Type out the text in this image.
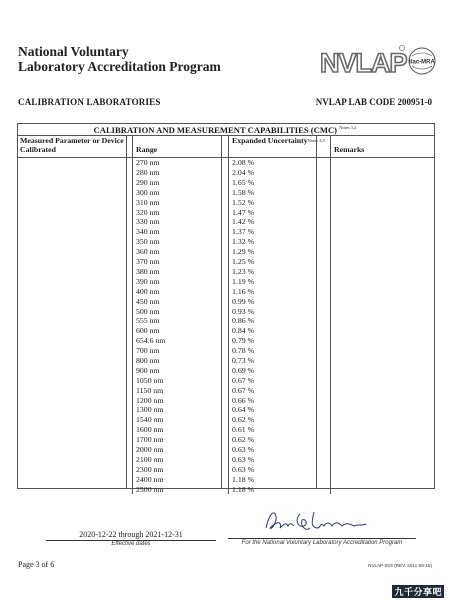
National Voluntary
Laboratory Accreditation Program	NVLAP ilac-MRA
CALIBRATION LABORATORIES	NVLAP LAB CODE 200951-0
CALIBRATION AND MEASUREMENT CAPABILITIES (CMC) $^{Notes 1,2}$
Measured Parameter or Device Calibrated	Range	Expanded Uncertainty$^{Notes 3,5}$	Remarks
	270 nm	2.08 %	
	280 nm	2.04 %	
	290 nm	1.65 %	
	300 nm	1.58 %	
	310 nm	1.52 %	
	320 nm	1.47 %	
	330 nm	1.42 %	
	340 nm	1.37 %	
	350 nm	1.32 %	
	360 nm	1.29 %	
	370 nm	1.25 %	
	380 nm	1.23 %	
	390 nm	1.19 %	
	400 nm	1.16 %	
	450 nm	0.99 %	
	500 nm	0.93 %	
	555 nm	0.86 %	
	600 nm	0.84 %	
	654.6 nm	0.79 %	
	700 nm	0.78 %	
	800 nm	0.73 %	
	900 nm	0.69 %	
	1050 nm	0.67 %	
	1150 nm	0.67 %	
	1200 nm	0.66 %	
	1300 nm	0.64 %	
	1540 nm	0.62 %	
	1600 nm	0.61 %	
	1700 nm	0.62 %	
	2000 nm	0.63 %	
	2100 nm	0.63 %	
	2300 nm	0.63 %	
	2400 nm	1.18 %	
	2500 nm	1.18 %	
2020-12-22 through 2021-12-31
Effective dates	For the National Voluntary Laboratory Accreditation Program
Page 3 of 6	NVLAP-02S (REV. 2011-09-16)
九千分享吧
